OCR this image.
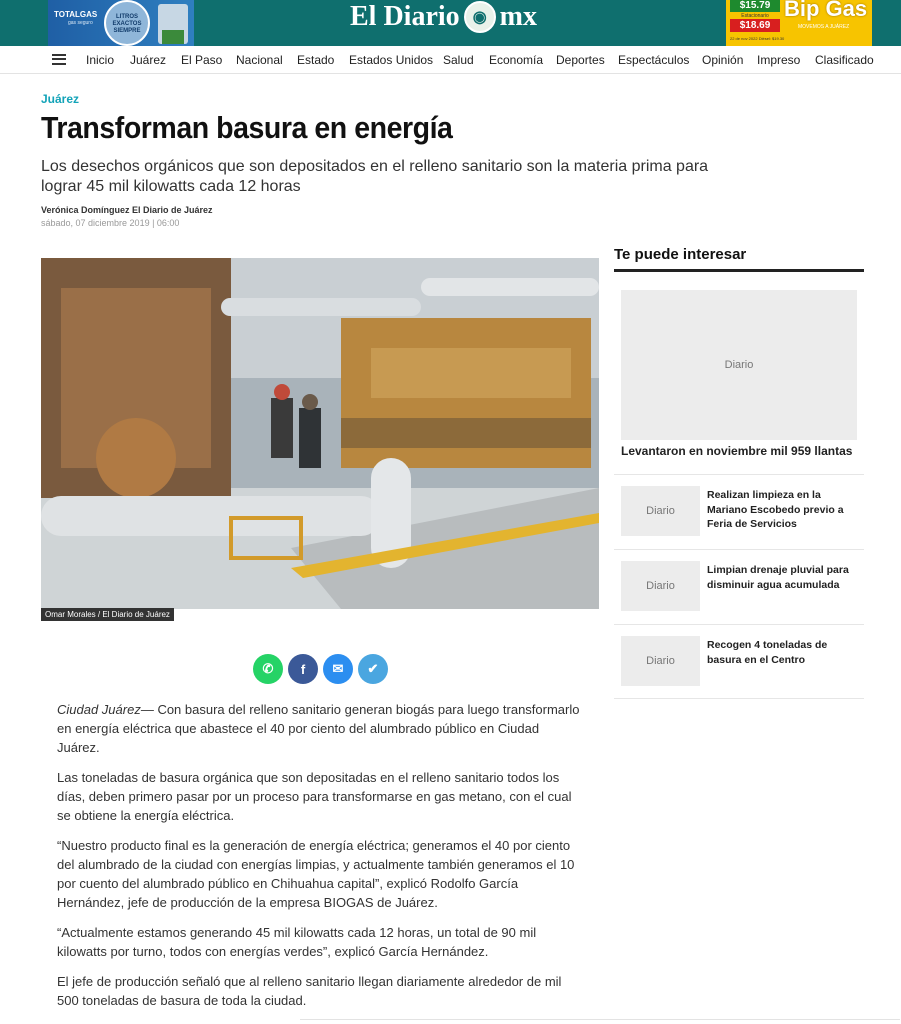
TOTALGAS
gas seguro
LITROS EXACTOS SIEMPRE	El Diario ◉ mx	$15.79
Estacionario
$18.69
22 de nov 2022 Diésel: $19.30
Bip Gas
MOVEMOS A JUÁREZ
Inicio Juárez El Paso Nacional Estado Estados Unidos Salud Economía Deportes Espectáculos Opinión Impreso Clasificado
Juárez
Transforman basura en energía

Los desechos orgánicos que son depositados en el relleno sanitario son la materia prima para lograr 45 mil kilowatts cada 12 horas

Verónica Domínguez El Diario de Juárez
sábado, 07 diciembre 2019 | 06:00
Omar Morales / El Diario de Juárez
✆	f	✉	✔

Ciudad Juárez— Con basura del relleno sanitario generan biogás para luego transformarlo en energía eléctrica que abastece el 40 por ciento del alumbrado público en Ciudad Juárez.

Las toneladas de basura orgánica que son depositadas en el relleno sanitario todos los días, deben primero pasar por un proceso para transformarse en gas metano, con el cual se obtiene la energía eléctrica.

“Nuestro producto final es la generación de energía eléctrica; generamos el 40 por ciento del alumbrado de la ciudad con energías limpias, y actualmente también generamos el 10 por cuento del alumbrado público en Chihuahua capital”, explicó Rodolfo García Hernández, jefe de producción de la empresa BIOGAS de Juárez.

“Actualmente estamos generando 45 mil kilowatts cada 12 horas, un total de 90 mil kilowatts por turno, todos con energías verdes”, explicó García Hernández.

El jefe de producción señaló que al relleno sanitario llegan diariamente alrededor de mil 500 toneladas de basura de toda la ciudad.

Te puede interesar
Diario
Levantaron en noviembre mil 959 llantas
Diario
Realizan limpieza en la Mariano Escobedo previo a Feria de Servicios
Diario
Limpian drenaje pluvial para disminuir agua acumulada
Diario
Recogen 4 toneladas de basura en el Centro
